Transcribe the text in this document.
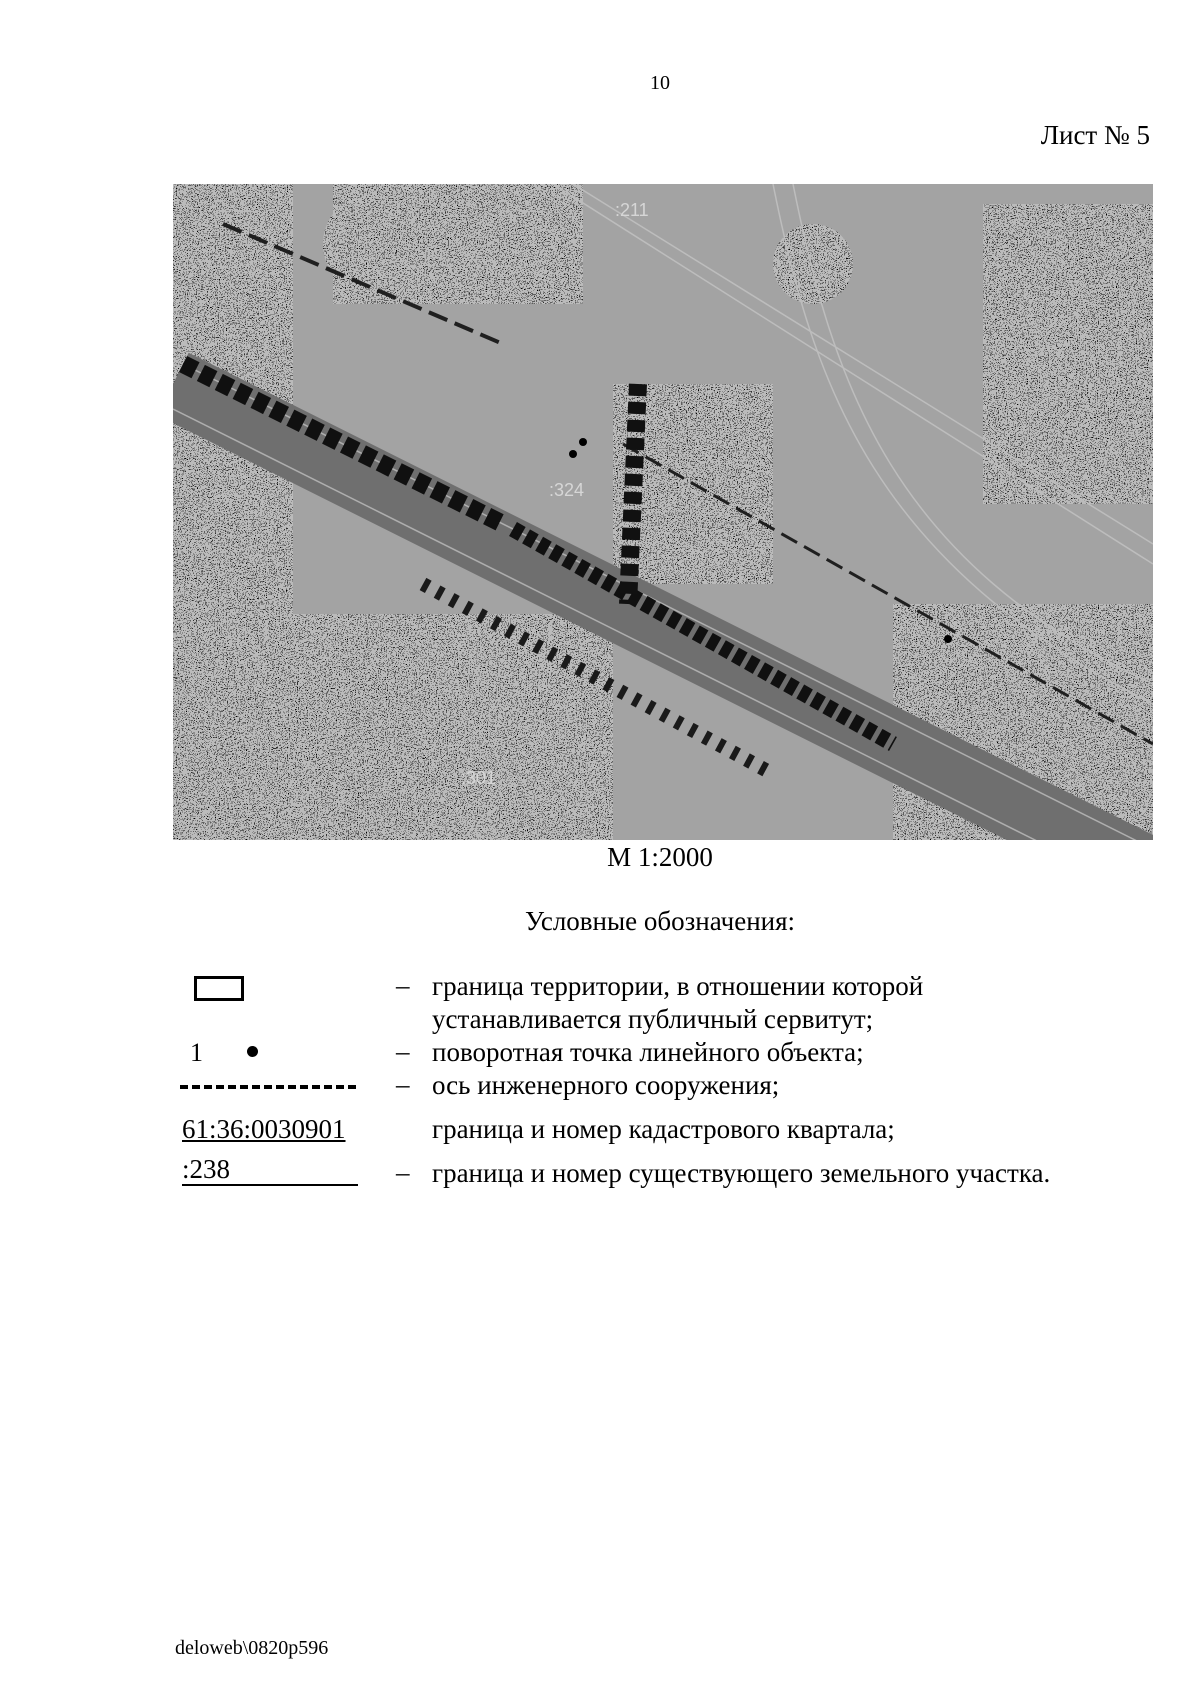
10
Лист № 5
:211
:324
:301
М 1:2000
Условные обозначения:
1
61:36:0030901
:238
–
–
–
–
граница территории, в отношении которой
устанавливается публичный сервитут;
поворотная точка линейного объекта;
ось инженерного сооружения;
граница и номер кадастрового квартала;
граница и номер существующего земельного участка.
deloweb\0820p596
